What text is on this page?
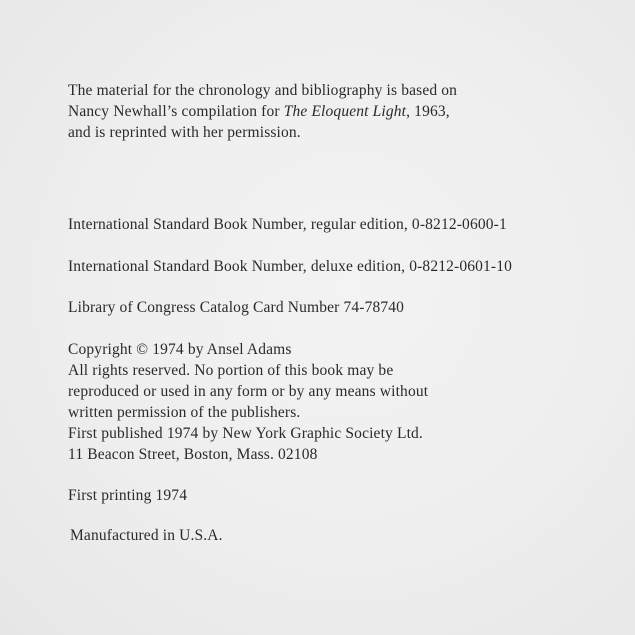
The material for the chronology and bibliography is based on
Nancy Newhall’s compilation for The Eloquent Light, 1963,
and is reprinted with her permission.

International Standard Book Number, regular edition, 0-8212-0600-1

International Standard Book Number, deluxe edition, 0-8212-0601-10

Library of Congress Catalog Card Number 74-78740

Copyright © 1974 by Ansel Adams
All rights reserved. No portion of this book may be
reproduced or used in any form or by any means without
written permission of the publishers.
First published 1974 by New York Graphic Society Ltd.
11 Beacon Street, Boston, Mass. 02108

First printing 1974

Manufactured in U.S.A.
